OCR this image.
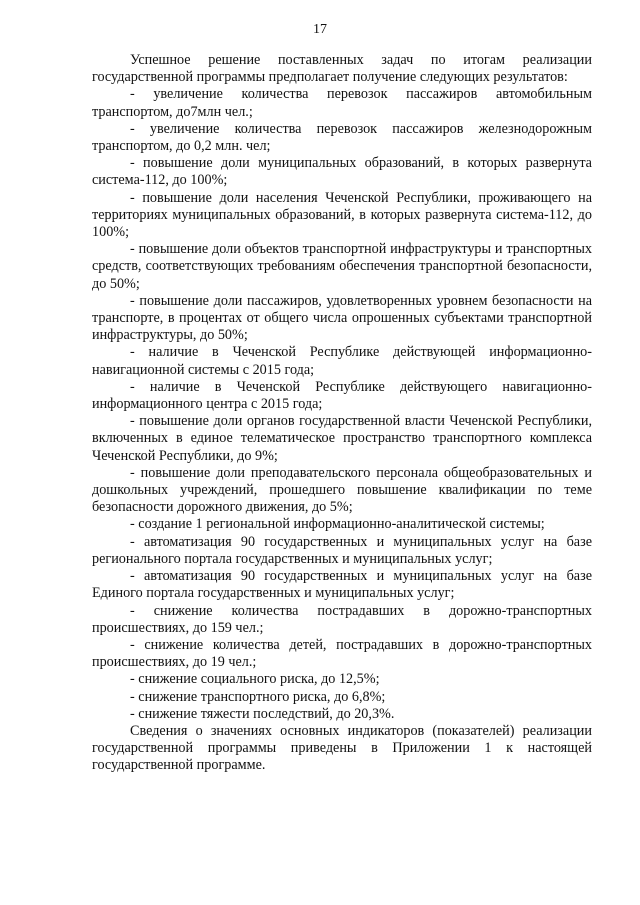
17

Успешное решение поставленных задач по итогам реализации государственной программы предполагает получение следующих результатов:

- увеличение количества перевозок пассажиров автомобильным транспортом, до7млн чел.;

- увеличение количества перевозок пассажиров железнодорожным транспортом, до 0,2 млн. чел;

- повышение доли муниципальных образований, в которых развернута система-112, до 100%;

- повышение доли населения Чеченской Республики, проживающего на территориях муниципальных образований, в которых развернута система-112, до 100%;

- повышение доли объектов транспортной инфраструктуры и транспортных средств, соответствующих требованиям обеспечения транспортной безопасности, до 50%;

- повышение доли пассажиров, удовлетворенных уровнем безопасности на транспорте, в процентах от общего числа опрошенных субъектами транспортной инфраструктуры, до 50%;

- наличие в Чеченской Республике действующей информационно-навигационной системы с 2015 года;

- наличие в Чеченской Республике действующего навигационно-информационного центра с 2015 года;

- повышение доли органов государственной власти Чеченской Республики, включенных в единое телематическое пространство транспортного комплекса Чеченской Республики, до 9%;

- повышение доли преподавательского персонала общеобразовательных и дошкольных учреждений, прошедшего повышение квалификации по теме безопасности дорожного движения, до 5%;

- создание 1 региональной информационно-аналитической системы;

- автоматизация 90 государственных и муниципальных услуг на базе регионального портала государственных и муниципальных услуг;

- автоматизация 90 государственных и муниципальных услуг на базе Единого портала государственных и муниципальных услуг;

- снижение количества пострадавших в дорожно-транспортных происшествиях, до 159 чел.;

- снижение количества детей, пострадавших в дорожно-транспортных происшествиях, до 19 чел.;

- снижение социального риска, до 12,5%;

- снижение транспортного риска, до 6,8%;

- снижение тяжести последствий, до 20,3%.

Сведения о значениях основных индикаторов (показателей) реализации государственной программы приведены в Приложении 1 к настоящей государственной программе.
